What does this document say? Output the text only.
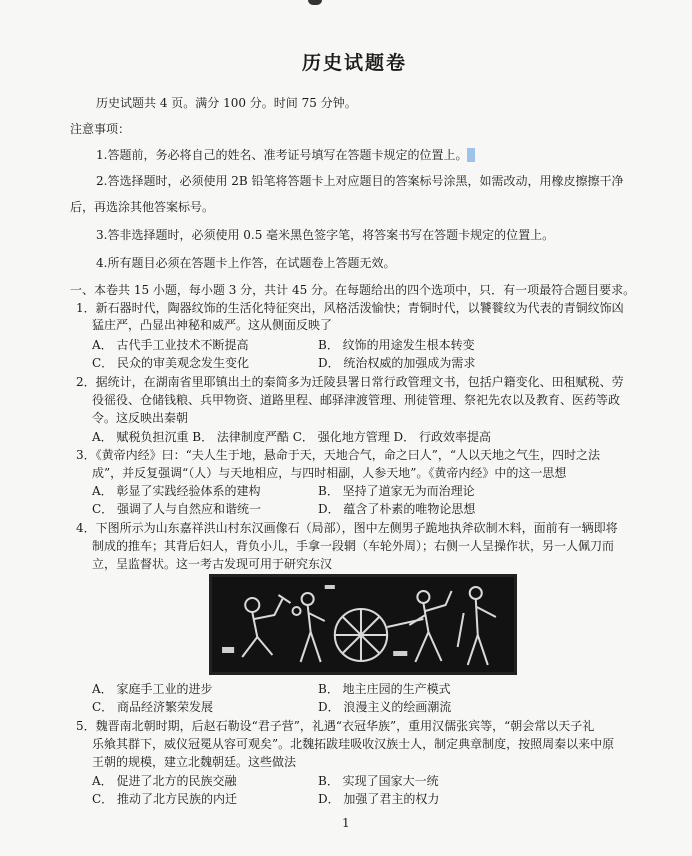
历史试题卷
历史试题共 4 页。满分 100 分。时间 75 分钟。
注意事项：
1.答题前，务必将自己的姓名、准考证号填写在答题卡规定的位置上。
2.答选择题时，必须使用 2B 铅笔将答题卡上对应题目的答案标号涂黑，如需改动，用橡皮擦擦干净
后，再选涂其他答案标号。
3.答非选择题时，必须使用 0.5 毫米黑色签字笔，将答案书写在答题卡规定的位置上。
4.所有题目必须在答题卡上作答，在试题卷上答题无效。
一、本卷共 15 小题，每小题 3 分，共计 45 分。在每题给出的四个选项中，只．有一项最符合题目要求。
1．新石器时代，陶器纹饰的生活化特征突出，风格活泼愉快；青铜时代，以饕餮纹为代表的青铜纹饰凶
猛庄严，凸显出神秘和威严。这从侧面反映了
A． 古代手工业技术不断提高	B． 纹饰的用途发生根本转变
C． 民众的审美观念发生变化	D． 统治权威的加强成为需求
2．据统计，在湖南省里耶镇出土的秦简多为迁陵县署日常行政管理文书，包括户籍变化、田租赋税、劳
役徭役、仓储钱粮、兵甲物资、道路里程、邮驿津渡管理、刑徒管理、祭祀先农以及教育、医药等政
令。这反映出秦朝
A． 赋税负担沉重 B． 法律制度严酷 C． 强化地方管理 D． 行政效率提高
3．《黄帝内经》曰：“夫人生于地，悬命于天，天地合气，命之曰人”，“人以天地之气生，四时之法
成”，并反复强调“（人）与天地相应，与四时相副，人参天地”。《黄帝内经》中的这一思想
A． 彰显了实践经验体系的建构	B． 坚持了道家无为而治理论
C． 强调了人与自然应和谐统一	D． 蕴含了朴素的唯物论思想
4．下图所示为山东嘉祥洪山村东汉画像石（局部），图中左侧男子跪地执斧砍制木料，面前有一辆即将
制成的推车；其背后妇人，背负小儿，手拿一段辋（车轮外周）；右侧一人呈操作状，另一人佩刀而
立，呈监督状。这一考古发现可用于研究东汉
A． 家庭手工业的进步	B． 地主庄园的生产模式
C． 商品经济繁荣发展	D． 浪漫主义的绘画潮流
5．魏晋南北朝时期，后赵石勒设“君子营”，礼遇“衣冠华族”，重用汉儒张宾等，“朝会常以天子礼
乐飨其群下，威仪冠冕从容可观矣”。北魏拓跋珪吸收汉族士人，制定典章制度，按照周秦以来中原
王朝的规模，建立北魏朝廷。这些做法
A． 促进了北方的民族交融	B． 实现了国家大一统
C． 推动了北方民族的内迁	D． 加强了君主的权力
1
